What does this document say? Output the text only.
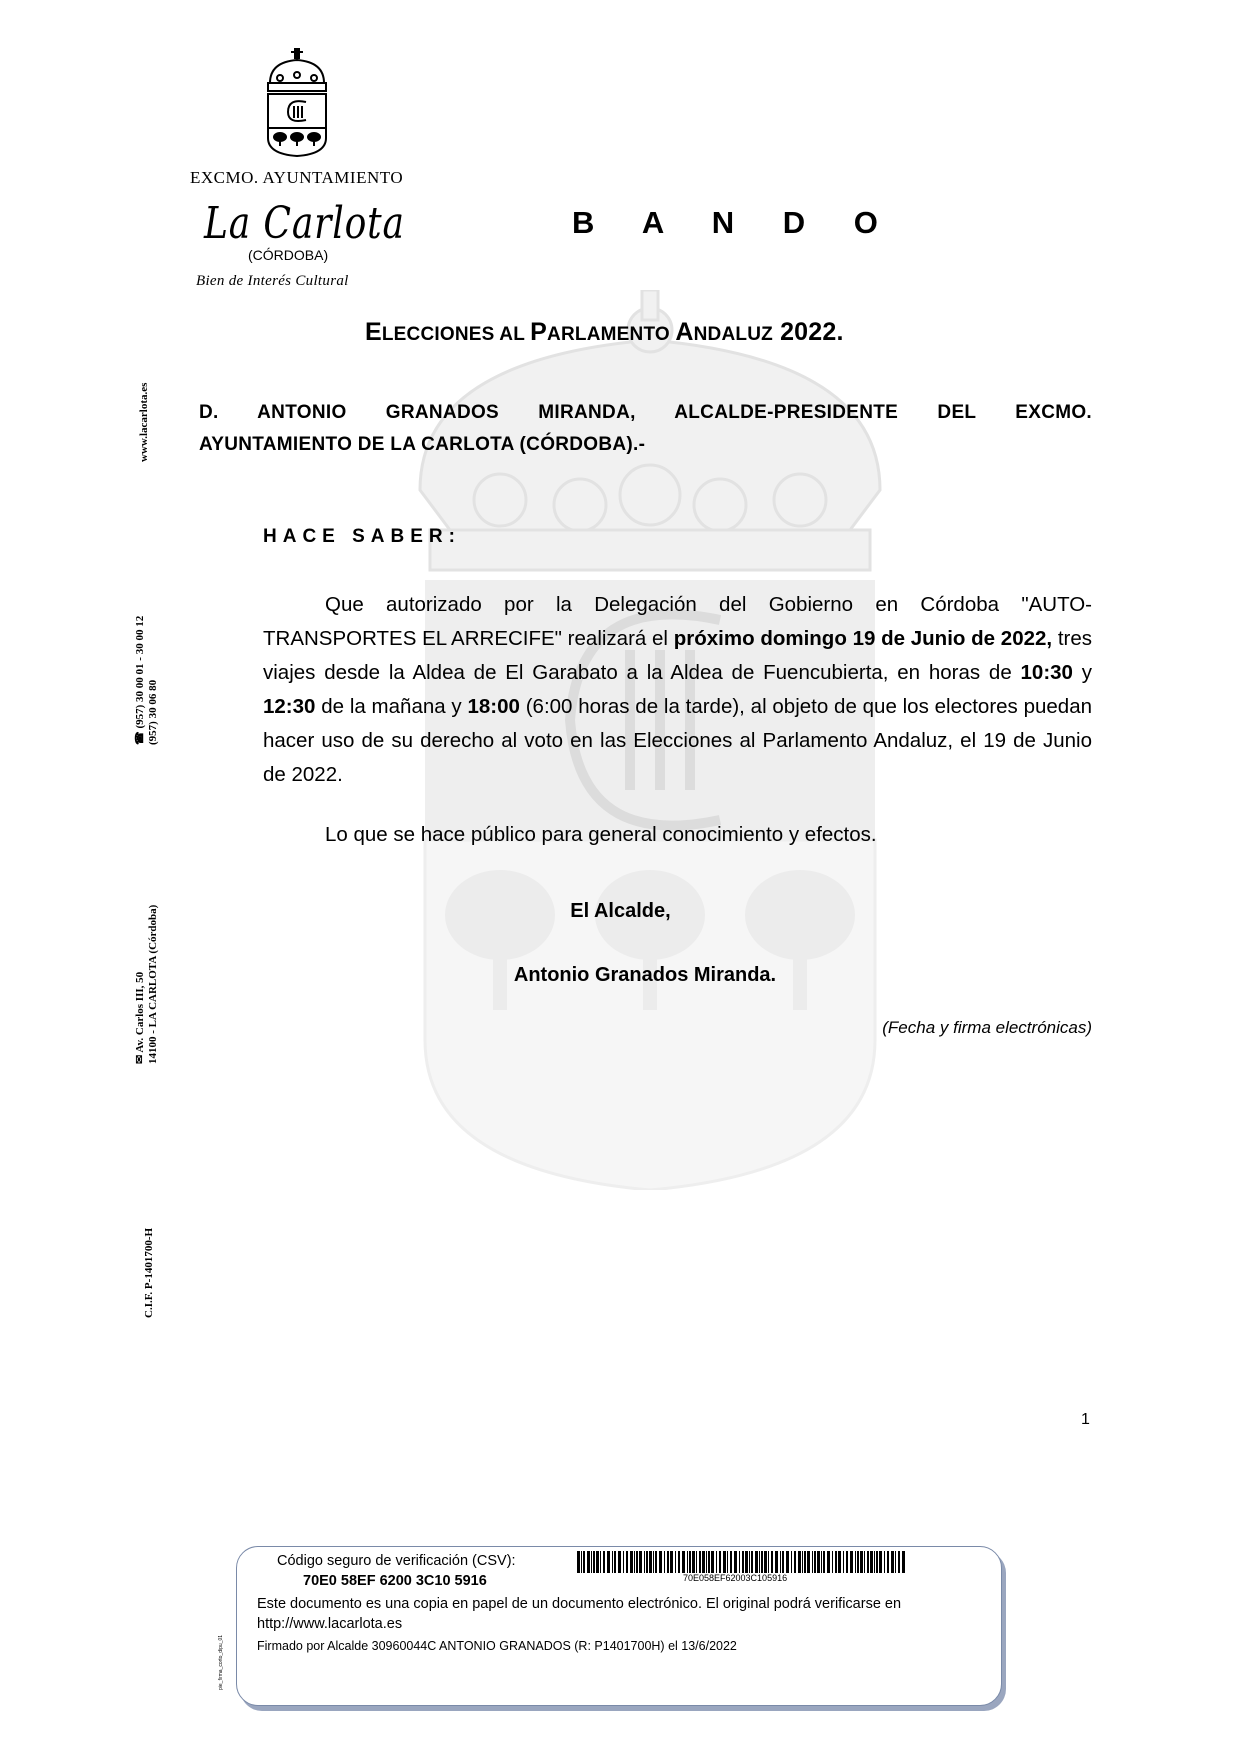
EXCMO. AYUNTAMIENTO
La Carlota
(CÓRDOBA)
Bien de Interés Cultural
B A N D O
ELECCIONES AL PARLAMENTO ANDALUZ 2022.
D. ANTONIO GRANADOS MIRANDA, ALCALDE-PRESIDENTE DEL EXCMO.
AYUNTAMIENTO DE LA CARLOTA (CÓRDOBA).-
HACE SABER:
Que autorizado por la Delegación del Gobierno en Córdoba "AUTO-TRANSPORTES EL ARRECIFE" realizará el próximo domingo 19 de Junio de 2022, tres viajes desde la Aldea de El Garabato a la Aldea de Fuencubierta, en horas de 10:30 y 12:30 de la mañana y 18:00 (6:00 horas de la tarde), al objeto de que los electores puedan hacer uso de su derecho al voto en las Elecciones al Parlamento Andaluz, el 19 de Junio de 2022.
Lo que se hace público para general conocimiento y efectos.
El Alcalde,
Antonio Granados Miranda.
(Fecha y firma electrónicas)
1
www.lacarlota.es
☎ (957) 30 00 01 - 30 00 12 (957) 30 06 80
✉ Av. Carlos III, 50 14100 - LA CARLOTA (Córdoba)
C.I.F. P-1401700-H
Código seguro de verificación (CSV):
70E0 58EF 6200 3C10 5916	70E058EF62003C105916
Este documento es una copia en papel de un documento electrónico. El original podrá verificarse en http://www.lacarlota.es
Firmado por Alcalde 30960044C ANTONIO GRANADOS (R: P1401700H) el 13/6/2022
pie_firma_corto_dipu_01
